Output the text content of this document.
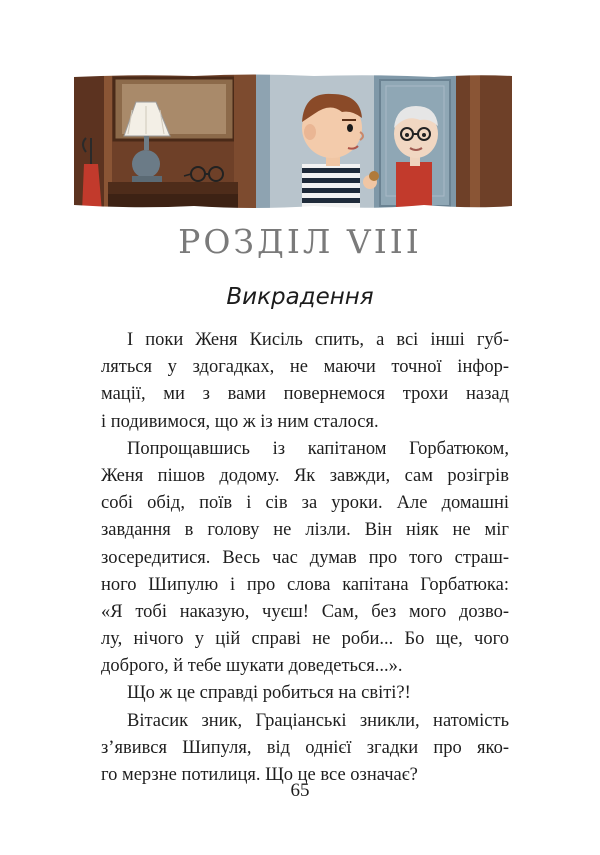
РОЗДІЛ VIII
Викрадення
І поки Женя Кисіль спить, а всі інші губ-
ляться у здогадках, не маючи точної інфор-
мації, ми з вами повернемося трохи назад
і подивимося, що ж із ним сталося.
Попрощавшись із капітаном Горбатюком,
Женя пішов додому. Як завжди, сам розігрів
собі обід, поїв і сів за уроки. Але домашні
завдання в голову не лізли. Він ніяк не міг
зосередитися. Весь час думав про того страш-
ного Шипулю і про слова капітана Горбатюка:
«Я тобі наказую, чуєш! Сам, без мого дозво-
лу, нічого у цій справі не роби... Бо ще, чого
доброго, й тебе шукати доведеться...».
Що ж це справді робиться на світі?!
Вітасик зник, Граціанські зникли, натомість
з’явився Шипуля, від однієї згадки про яко-
го мерзне потилиця. Що це все означає?
65
